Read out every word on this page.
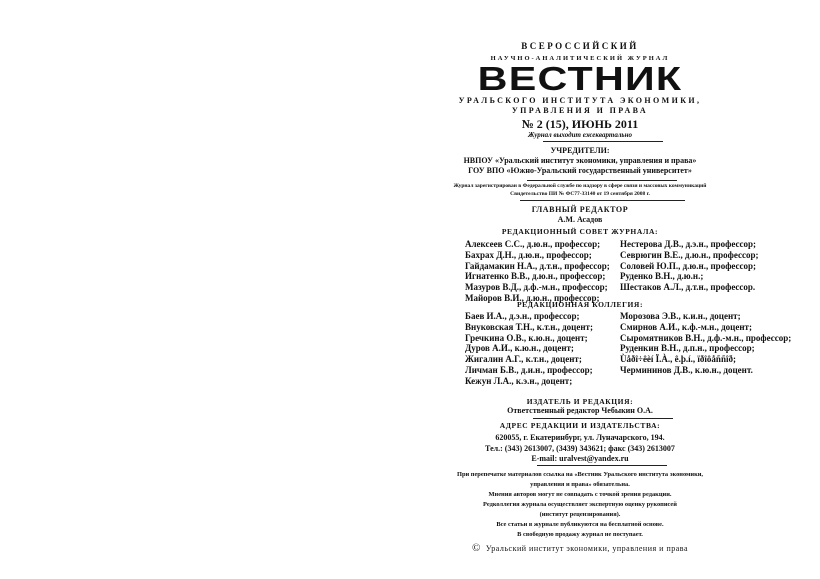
ВСЕРОССИЙСКИЙ
НАУЧНО-АНАЛИТИЧЕСКИЙ ЖУРНАЛ
ВЕСТНИК
УРАЛЬСКОГО ИНСТИТУТА ЭКОНОМИКИ,
УПРАВЛЕНИЯ И ПРАВА
№ 2 (15), ИЮНЬ 2011
Журнал выходит ежеквартально
УЧРЕДИТЕЛИ:
НВПОУ «Уральский институт экономики, управления и права»
ГОУ ВПО «Южно-Уральский государственный университет»
Журнал зарегистрирован в Федеральной службе по надзору в сфере связи и массовых коммуникаций
Свидетельство ПИ № ФС77-33140 от 19 сентября 2008 г.
ГЛАВНЫЙ РЕДАКТОР
А.М. Асадов
РЕДАКЦИОННЫЙ СОВЕТ ЖУРНАЛА:
Алексеев С.С., д.ю.н., профессор;
Бахрах Д.Н., д.ю.н., профессор;
Гайдамакин Н.А., д.т.н., профессор;
Игнатенко В.В., д.ю.н., профессор;
Мазуров В.Д., д.ф.-м.н., профессор;
Майоров В.И., д.ю.н., профессор;
Нестерова Д.В., д.э.н., профессор;
Севрюгин В.Е., д.ю.н., профессор;
Соловей Ю.П., д.ю.н., профессор;
Руденко В.Н., д.ю.н.;
Шестаков А.Л., д.т.н., профессор.
РЕДАКЦИОННАЯ КОЛЛЕГИЯ:
Баев И.А., д.э.н., профессор;
Внуковская Т.Н., к.т.н., доцент;
Гречкина О.В., к.ю.н., доцент;
Дуров А.И., к.ю.н., доцент;
Жигалин А.Г., к.т.н., доцент;
Личман Б.В., д.и.н., профессор;
Кежун Л.А., к.э.н., доцент;
Морозова Э.В., к.и.н., доцент;
Смирнов А.И., к.ф.-м.н., доцент;
Сыромятников В.Н., д.ф.-м.н., профессор;
Руденкин В.Н., д.п.н., профессор;
Ùåðî÷êèí Ï.À., ê.þ.í., ïðîôåññîð;
Чермининов Д.В., к.ю.н., доцент.
ИЗДАТЕЛЬ И РЕДАКЦИЯ:
Ответственный редактор Чебыкин О.А.
АДРЕС РЕДАКЦИИ И ИЗДАТЕЛЬСТВА:
620055, г. Екатеринбург, ул. Луначарского, 194.
Тел.: (343) 2613007, (3439) 343621; факс (343) 2613007
E-mail: uralvest@yandex.ru
При перепечатке материалов ссылка на «Вестник Уральского института экономики,
управления и права» обязательна.
Мнения авторов могут не совпадать с точкой зрения редакции.
Редколлегия журнала осуществляет экспертную оценку рукописей
(институт рецензирования).
Все статьи в журнале публикуются на бесплатной основе.
В свободную продажу журнал не поступает.
© Уральский институт экономики, управления и права
